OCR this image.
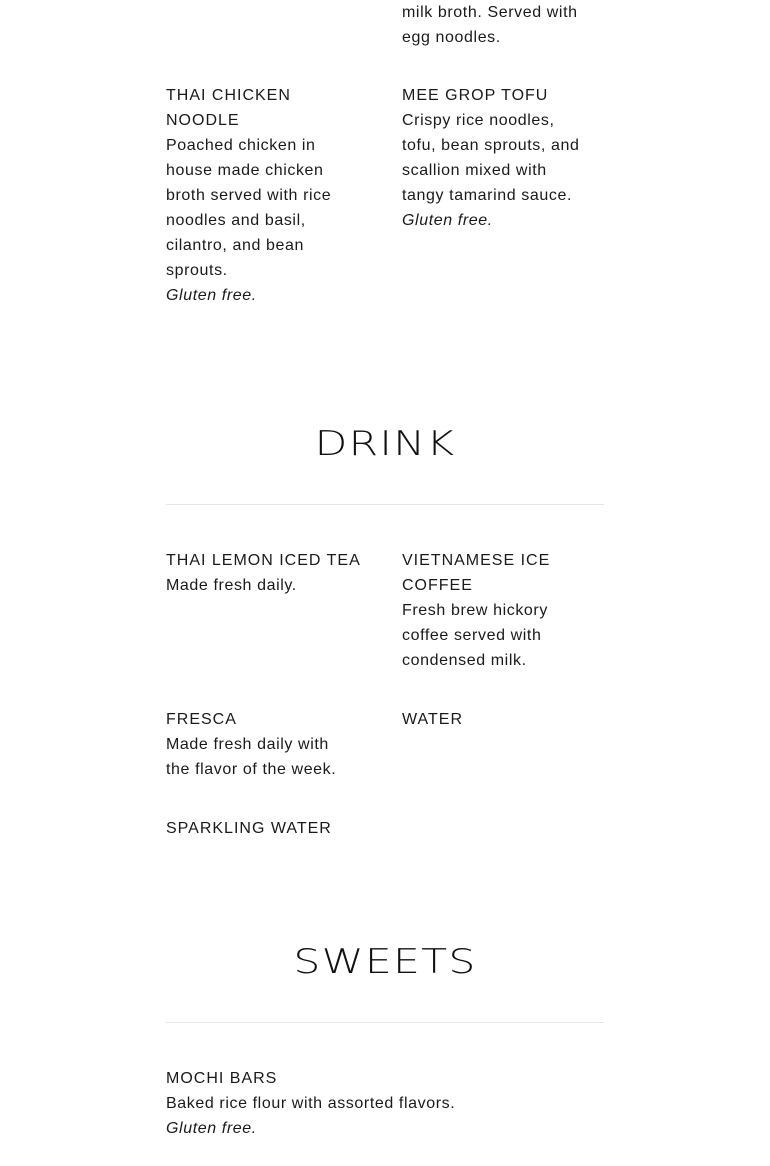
milk broth. Served with
egg noodles.
THAI CHICKEN
NOODLE
Poached chicken in
house made chicken
broth served with rice
noodles and basil,
cilantro, and bean
sprouts.
Gluten free.
MEE GROP TOFU
Crispy rice noodles,
tofu, bean sprouts, and
scallion mixed with
tangy tamarind sauce.
Gluten free.
DRINK
THAI LEMON ICED TEA
Made fresh daily.
VIETNAMESE ICE
COFFEE
Fresh brew hickory
coffee served with
condensed milk.
FRESCA
Made fresh daily with
the flavor of the week.
WATER
SPARKLING WATER
SWEETS
MOCHI BARS
Baked rice flour with assorted flavors.
Gluten free.
